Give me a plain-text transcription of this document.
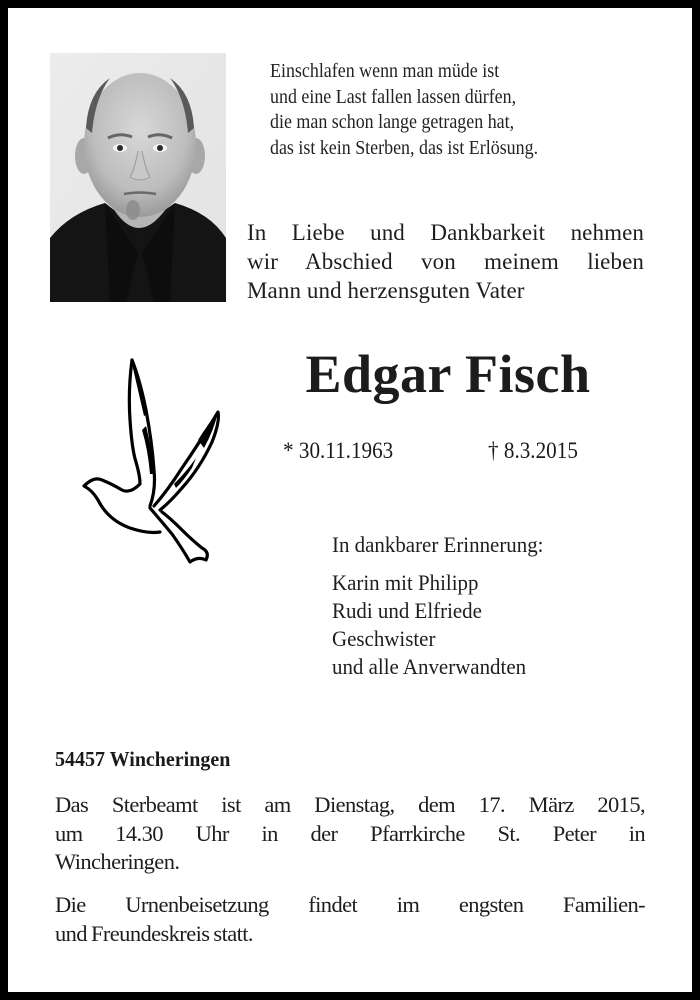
Einschlafen wenn man müde ist
und eine Last fallen lassen dürfen,
die man schon lange getragen hat,
das ist kein Sterben, das ist Erlösung.
In Liebe und Dankbarkeit nehmen
wir Abschied von meinem lieben
Mann und herzensguten Vater
Edgar Fisch
* 30.11.1963	† 8.3.2015
In dankbarer Erinnerung:
Karin mit Philipp
Rudi und Elfriede
Geschwister
und alle Anverwandten
54457 Wincheringen

Das Sterbeamt ist am Dienstag, dem 17. März 2015,
um 14.30 Uhr in der Pfarrkirche St. Peter in
Wincheringen.

Die Urnenbeisetzung findet im engsten Familien-
und Freundeskreis statt.
